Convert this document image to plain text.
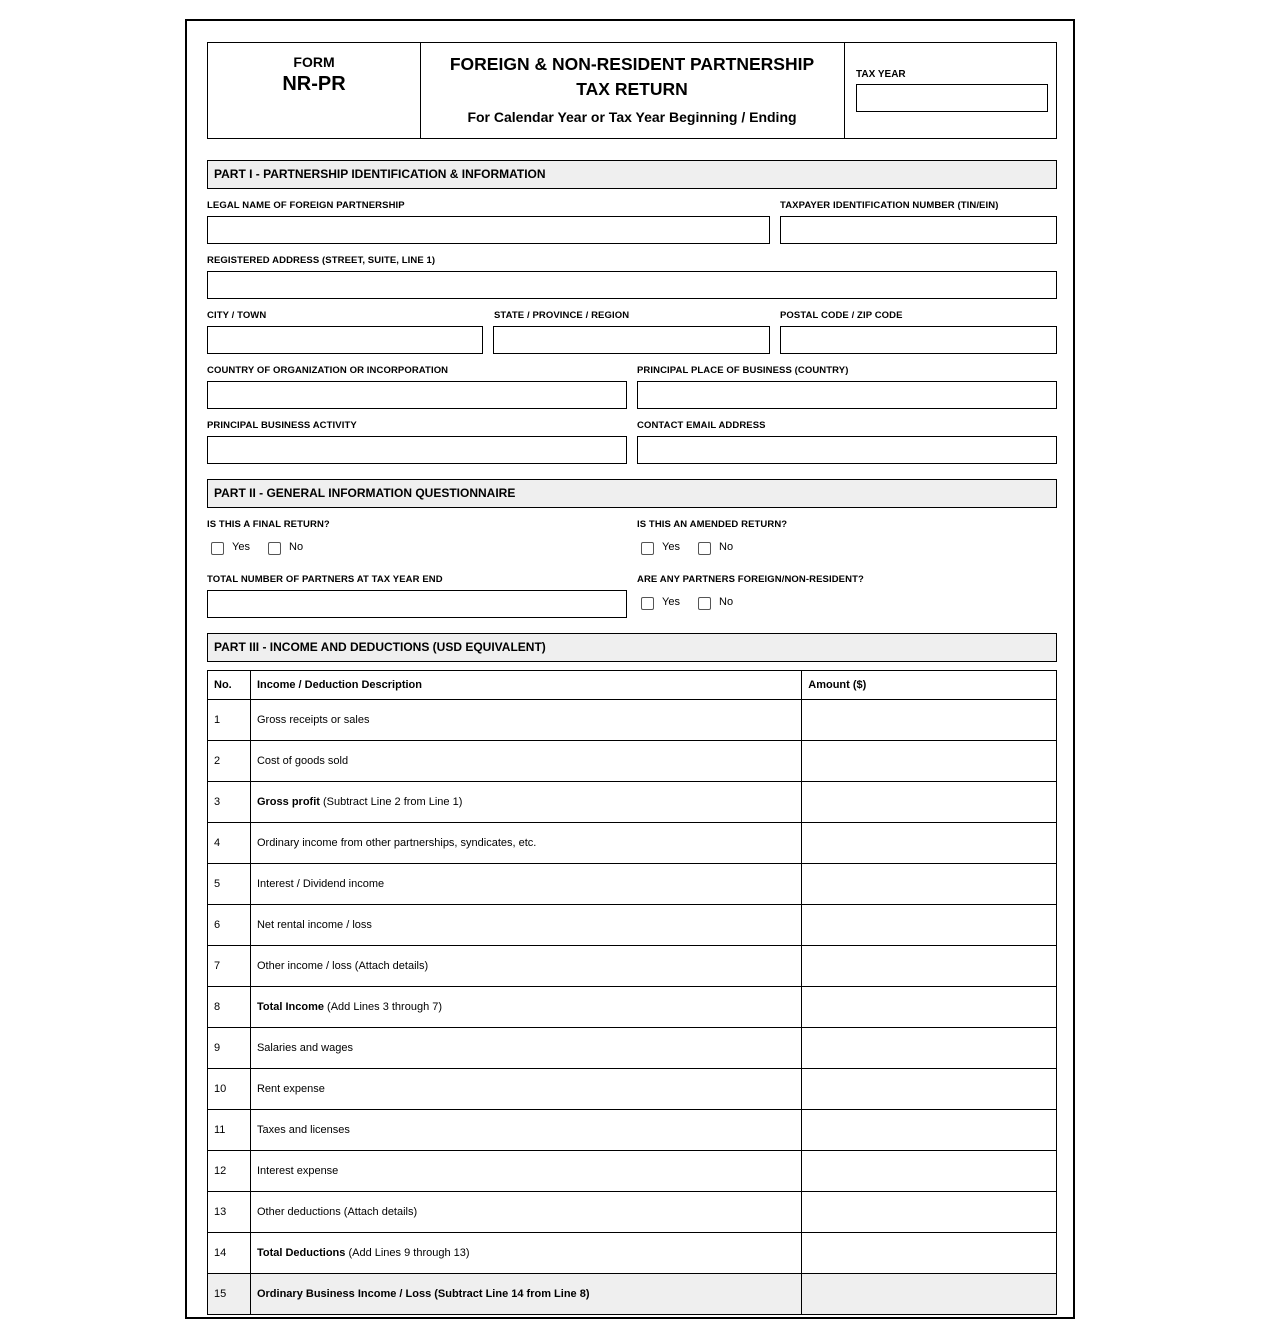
FORM
NR-PR
FOREIGN & NON-RESIDENT PARTNERSHIP
TAX RETURN
For Calendar Year or Tax Year Beginning / Ending
TAX YEAR
PART I - PARTNERSHIP IDENTIFICATION & INFORMATION
LEGAL NAME OF FOREIGN PARTNERSHIP	TAXPAYER IDENTIFICATION NUMBER (TIN/EIN)
REGISTERED ADDRESS (STREET, SUITE, LINE 1)
CITY / TOWN	STATE / PROVINCE / REGION	POSTAL CODE / ZIP CODE
COUNTRY OF ORGANIZATION OR INCORPORATION	PRINCIPAL PLACE OF BUSINESS (COUNTRY)
PRINCIPAL BUSINESS ACTIVITY	CONTACT EMAIL ADDRESS
PART II - GENERAL INFORMATION QUESTIONNAIRE
IS THIS A FINAL RETURN?
Yes	No
IS THIS AN AMENDED RETURN?
Yes	No
TOTAL NUMBER OF PARTNERS AT TAX YEAR END	ARE ANY PARTNERS FOREIGN/NON-RESIDENT?
Yes	No
PART III - INCOME AND DEDUCTIONS (USD EQUIVALENT)
No.	Income / Deduction Description	Amount ($)
1	Gross receipts or sales	
2	Cost of goods sold	
3	Gross profit (Subtract Line 2 from Line 1)	
4	Ordinary income from other partnerships, syndicates, etc.	
5	Interest / Dividend income	
6	Net rental income / loss	
7	Other income / loss (Attach details)	
8	Total Income (Add Lines 3 through 7)	
9	Salaries and wages	
10	Rent expense	
11	Taxes and licenses	
12	Interest expense	
13	Other deductions (Attach details)	
14	Total Deductions (Add Lines 9 through 13)	
15	Ordinary Business Income / Loss (Subtract Line 14 from Line 8)	
